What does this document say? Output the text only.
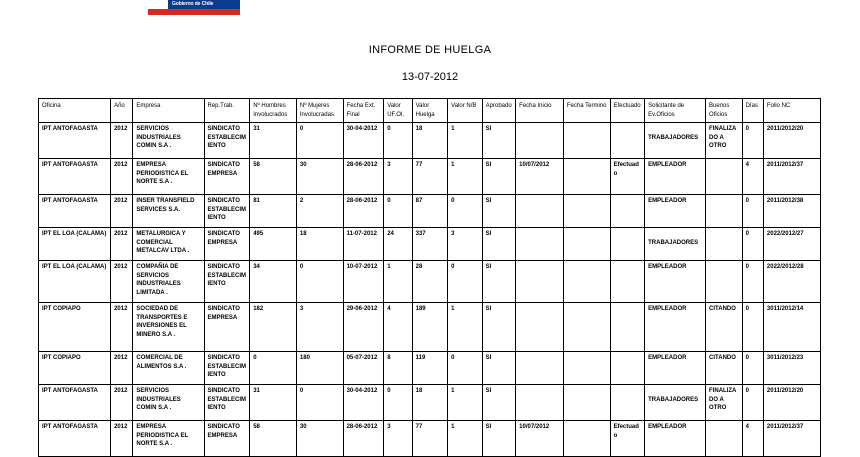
Gobierno de Chile
INFORME DE HUELGA
13-07-2012
Oficina	Año	Empresa	Rep.Trab.	Nº Hombres Involucrados	Nº Mujeres Involucradas	Fecha Ext. Final	Valor UF.OI.	Valor Huelga	Valor N/B	Aprobado	Fecha Inicio	Fecha Termino	Efectuado	Solicitante de Ev.Oficios	Buenos Oficios	Días	Folio NC
IPT ANTOFAGASTA	2012	SERVICIOS INDUSTRIALES COMIN S.A .	SINDICATO ESTABLECIMIENTO	31	0	30-04-2012	0	18	1	SI				TRABAJADORES	FINALIZADO A OTRO	0	2011/2012/20
IPT ANTOFAGASTA	2012	EMPRESA PERIODISTICA EL NORTE S.A .	SINDICATO EMPRESA	58	30	28-06-2012	3	77	1	SI	10/07/2012		Efectuado	EMPLEADOR		4	2011/2012/37
IPT ANTOFAGASTA	2012	INSER TRANSFIELD SERVICES S.A.	SINDICATO ESTABLECIMIENTO	81	2	28-06-2012	0	87	0	SI				EMPLEADOR		0	2011/2012/38
IPT EL LOA (CALAMA)	2012	METALURGICA Y COMERCIAL METALCAV LTDA .	SINDICATO EMPRESA	495	18	11-07-2012	24	337	3	SI				TRABAJADORES		0	2022/2012/27
IPT EL LOA (CALAMA)	2012	COMPAÑIA DE SERVICIOS INDUSTRIALES LIMITADA .	SINDICATO ESTABLECIMIENTO	34	0	10-07-2012	1	28	0	SI				EMPLEADOR		0	2022/2012/28
IPT COPIAPO	2012	SOCIEDAD DE TRANSPORTES E INVERSIONES EL MINERO S.A .	SINDICATO EMPRESA	182	3	29-06-2012	4	189	1	SI				EMPLEADOR	CITANDO	0	3011/2012/14
IPT COPIAPO	2012	COMERCIAL DE ALIMENTOS S.A .	SINDICATO ESTABLECIMIENTO	0	180	05-07-2012	8	119	0	SI				EMPLEADOR	CITANDO	0	3011/2012/23
IPT ANTOFAGASTA	2012	SERVICIOS INDUSTRIALES COMIN S.A .	SINDICATO ESTABLECIMIENTO	31	0	30-04-2012	0	18	1	SI				TRABAJADORES	FINALIZADO A OTRO	0	2011/2012/20
IPT ANTOFAGASTA	2012	EMPRESA PERIODISTICA EL NORTE S.A .	SINDICATO EMPRESA	58	30	28-06-2012	3	77	1	SI	10/07/2012		Efectuado	EMPLEADOR		4	2011/2012/37
